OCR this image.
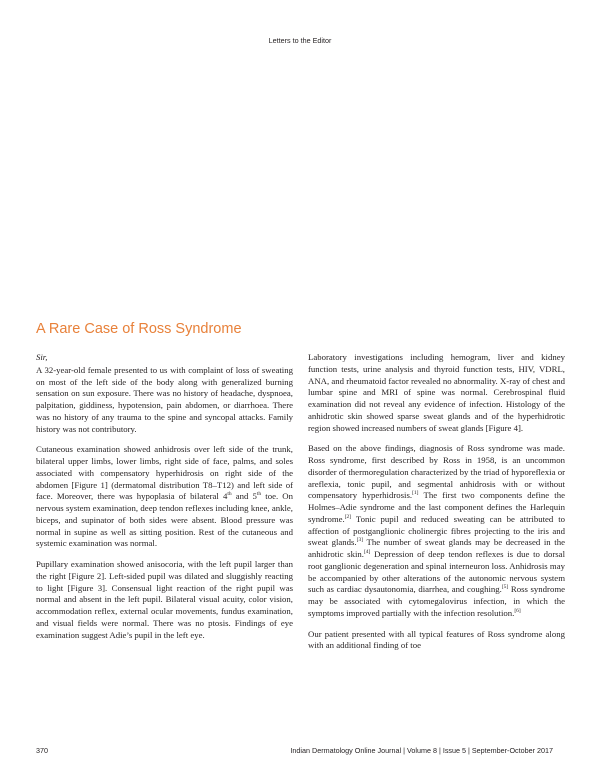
Letters to the Editor
A Rare Case of Ross Syndrome

Sir,

A 32-year-old female presented to us with complaint of loss of sweating on most of the left side of the body along with generalized burning sensation on sun exposure. There was no history of headache, dyspnoea, palpitation, giddiness, hypotension, pain abdomen, or diarrhoea. There was no history of any trauma to the spine and syncopal attacks. Family history was not contributory.

Cutaneous examination showed anhidrosis over left side of the trunk, bilateral upper limbs, lower limbs, right side of face, palms, and soles associated with compensatory hyperhidrosis on right side of the abdomen [Figure 1] (dermatomal distribution T8–T12) and left side of face. Moreover, there was hypoplasia of bilateral 4th and 5th toe. On nervous system examination, deep tendon reflexes including knee, ankle, biceps, and supinator of both sides were absent. Blood pressure was normal in supine as well as sitting position. Rest of the cutaneous and systemic examination was normal.

Pupillary examination showed anisocoria, with the left pupil larger than the right [Figure 2]. Left-sided pupil was dilated and sluggishly reacting to light [Figure 3]. Consensual light reaction of the right pupil was normal and absent in the left pupil. Bilateral visual acuity, color vision, accommodation reflex, external ocular movements, fundus examination, and visual fields were normal. There was no ptosis. Findings of eye examination suggest Adie’s pupil in the left eye.

Laboratory investigations including hemogram, liver and kidney function tests, urine analysis and thyroid function tests, HIV, VDRL, ANA, and rheumatoid factor revealed no abnormality. X-ray of chest and lumbar spine and MRI of spine was normal. Cerebrospinal fluid examination did not reveal any evidence of infection. Histology of the anhidrotic skin showed sparse sweat glands and of the hyperhidrotic region showed increased numbers of sweat glands [Figure 4].

Based on the above findings, diagnosis of Ross syndrome was made. Ross syndrome, first described by Ross in 1958, is an uncommon disorder of thermoregulation characterized by the triad of hyporeflexia or areflexia, tonic pupil, and segmental anhidrosis with or without compensatory hyperhidrosis.[1] The first two components define the Holmes–Adie syndrome and the last component defines the Harlequin syndrome.[2] Tonic pupil and reduced sweating can be attributed to affection of postganglionic cholinergic fibres projecting to the iris and sweat glands.[3] The number of sweat glands may be decreased in the anhidrotic skin.[4] Depression of deep tendon reflexes is due to dorsal root ganglionic degeneration and spinal interneuron loss. Anhidrosis may be accompanied by other alterations of the autonomic nervous system such as cardiac dysautonomia, diarrhea, and coughing.[5] Ross syndrome may be associated with cytomegalovirus infection, in which the symptoms improved partially with the infection resolution.[6]

Our patient presented with all typical features of Ross syndrome along with an additional finding of toe

370	Indian Dermatology Online Journal | Volume 8 | Issue 5 | September-October 2017
